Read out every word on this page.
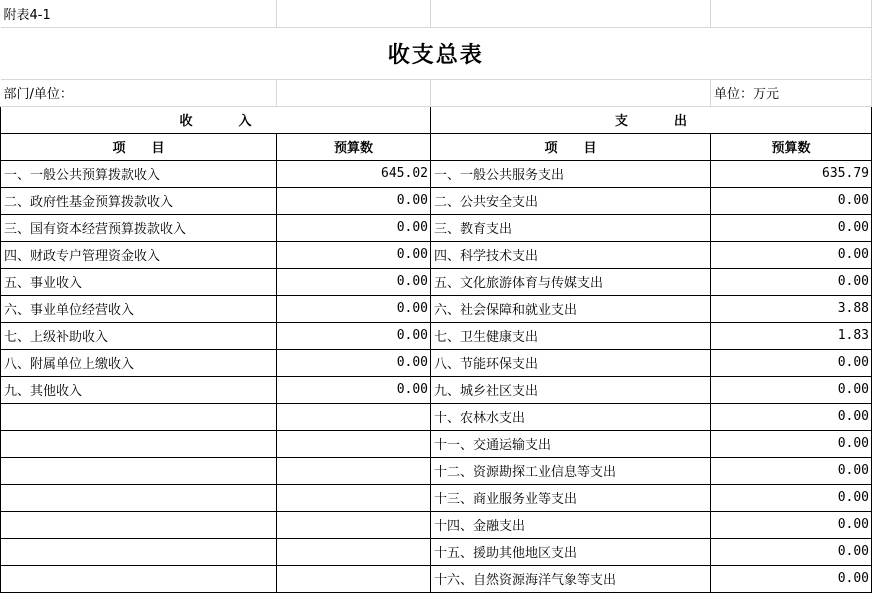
附表4-1			
收支总表			
部门/单位：			单位：万元
收入		支出	
项目	预算数	项目	预算数
一、一般公共预算拨款收入	645.02	一、一般公共服务支出	635.79
二、政府性基金预算拨款收入	0.00	二、公共安全支出	0.00
三、国有资本经营预算拨款收入	0.00	三、教育支出	0.00
四、财政专户管理资金收入	0.00	四、科学技术支出	0.00
五、事业收入	0.00	五、文化旅游体育与传媒支出	0.00
六、事业单位经营收入	0.00	六、社会保障和就业支出	3.88
七、上级补助收入	0.00	七、卫生健康支出	1.83
八、附属单位上缴收入	0.00	八、节能环保支出	0.00
九、其他收入	0.00	九、城乡社区支出	0.00
		十、农林水支出	0.00
		十一、交通运输支出	0.00
		十二、资源勘探工业信息等支出	0.00
		十三、商业服务业等支出	0.00
		十四、金融支出	0.00
		十五、援助其他地区支出	0.00
		十六、自然资源海洋气象等支出	0.00
